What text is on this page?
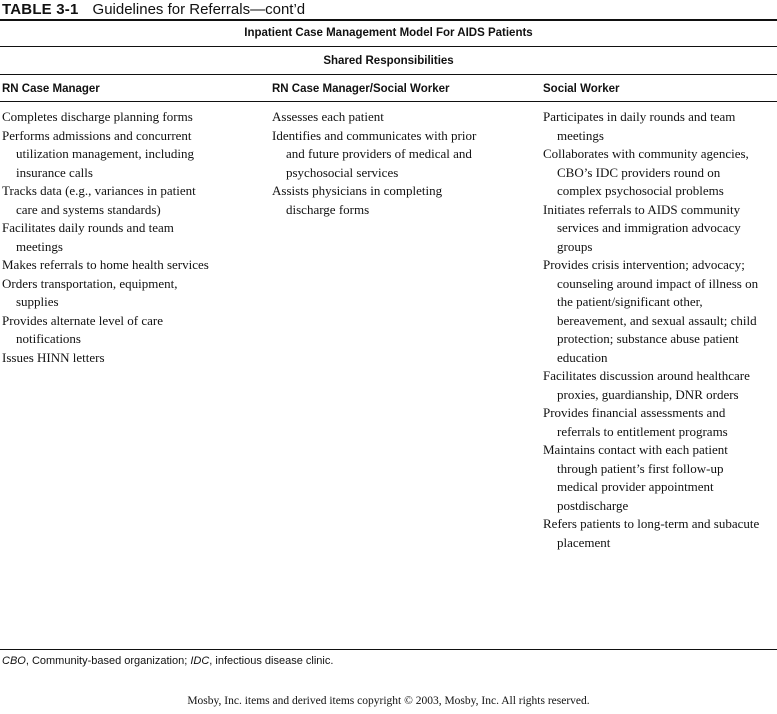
TABLE 3-1 Guidelines for Referrals—cont’d
Inpatient Case Management Model For AIDS Patients
Shared Responsibilities
RN Case Manager	RN Case Manager/Social Worker	Social Worker
Completes discharge planning forms
Performs admissions and concurrent utilization management, including insurance calls
Tracks data (e.g., variances in patient care and systems standards)
Facilitates daily rounds and team meetings
Makes referrals to home health services
Orders transportation, equipment, supplies
Provides alternate level of care notifications
Issues HINN letters
Assesses each patient
Identifies and communicates with prior and future providers of medical and psychosocial services
Assists physicians in completing discharge forms
Participates in daily rounds and team meetings
Collaborates with community agencies, CBO’s IDC providers round on complex psychosocial problems
Initiates referrals to AIDS community services and immigration advocacy groups
Provides crisis intervention; advocacy; counseling around impact of illness on the patient/significant other, bereavement, and sexual assault; child protection; substance abuse patient education
Facilitates discussion around healthcare proxies, guardianship, DNR orders
Provides financial assessments and referrals to entitlement programs
Maintains contact with each patient through patient’s first follow-up medical provider appointment postdischarge
Refers patients to long-term and subacute placement
CBO, Community-based organization; IDC, infectious disease clinic.
Mosby, Inc. items and derived items copyright © 2003, Mosby, Inc. All rights reserved.
